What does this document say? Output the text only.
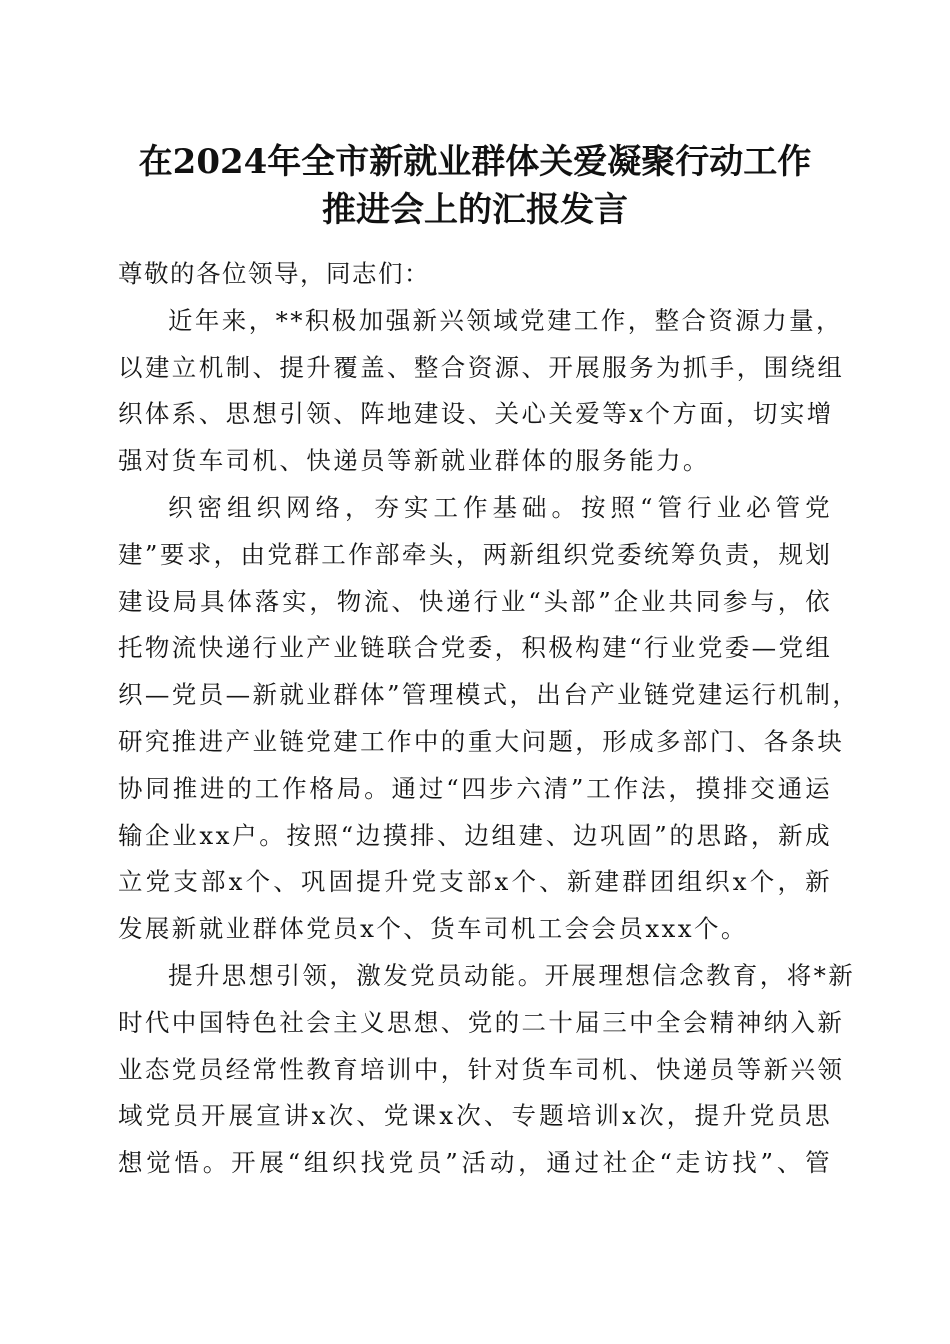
在2024年全市新就业群体关爱凝聚行动工作
推进会上的汇报发言
尊敬的各位领导，同志们：
近年来，**积极加强新兴领域党建工作，整合资源力量，
以建立机制、提升覆盖、整合资源、开展服务为抓手，围绕组
织体系、思想引领、阵地建设、关心关爱等x个方面，切实增
强对货车司机、快递员等新就业群体的服务能力。
织密组织网络，夯实工作基础。按照“管行业必管党
建”要求，由党群工作部牵头，两新组织党委统筹负责，规划
建设局具体落实，物流、快递行业“头部”企业共同参与，依
托物流快递行业产业链联合党委，积极构建“行业党委—党组
织—党员—新就业群体”管理模式，出台产业链党建运行机制，
研究推进产业链党建工作中的重大问题，形成多部门、各条块
协同推进的工作格局。通过“四步六清”工作法，摸排交通运
输企业xx户。按照“边摸排、边组建、边巩固”的思路，新成
立党支部x个、巩固提升党支部x个、新建群团组织x个，新
发展新就业群体党员x个、货车司机工会会员xxx个。
提升思想引领，激发党员动能。开展理想信念教育，将*新
时代中国特色社会主义思想、党的二十届三中全会精神纳入新
业态党员经常性教育培训中，针对货车司机、快递员等新兴领
域党员开展宣讲x次、党课x次、专题培训x次，提升党员思
想觉悟。开展“组织找党员”活动，通过社企“走访找”、管
